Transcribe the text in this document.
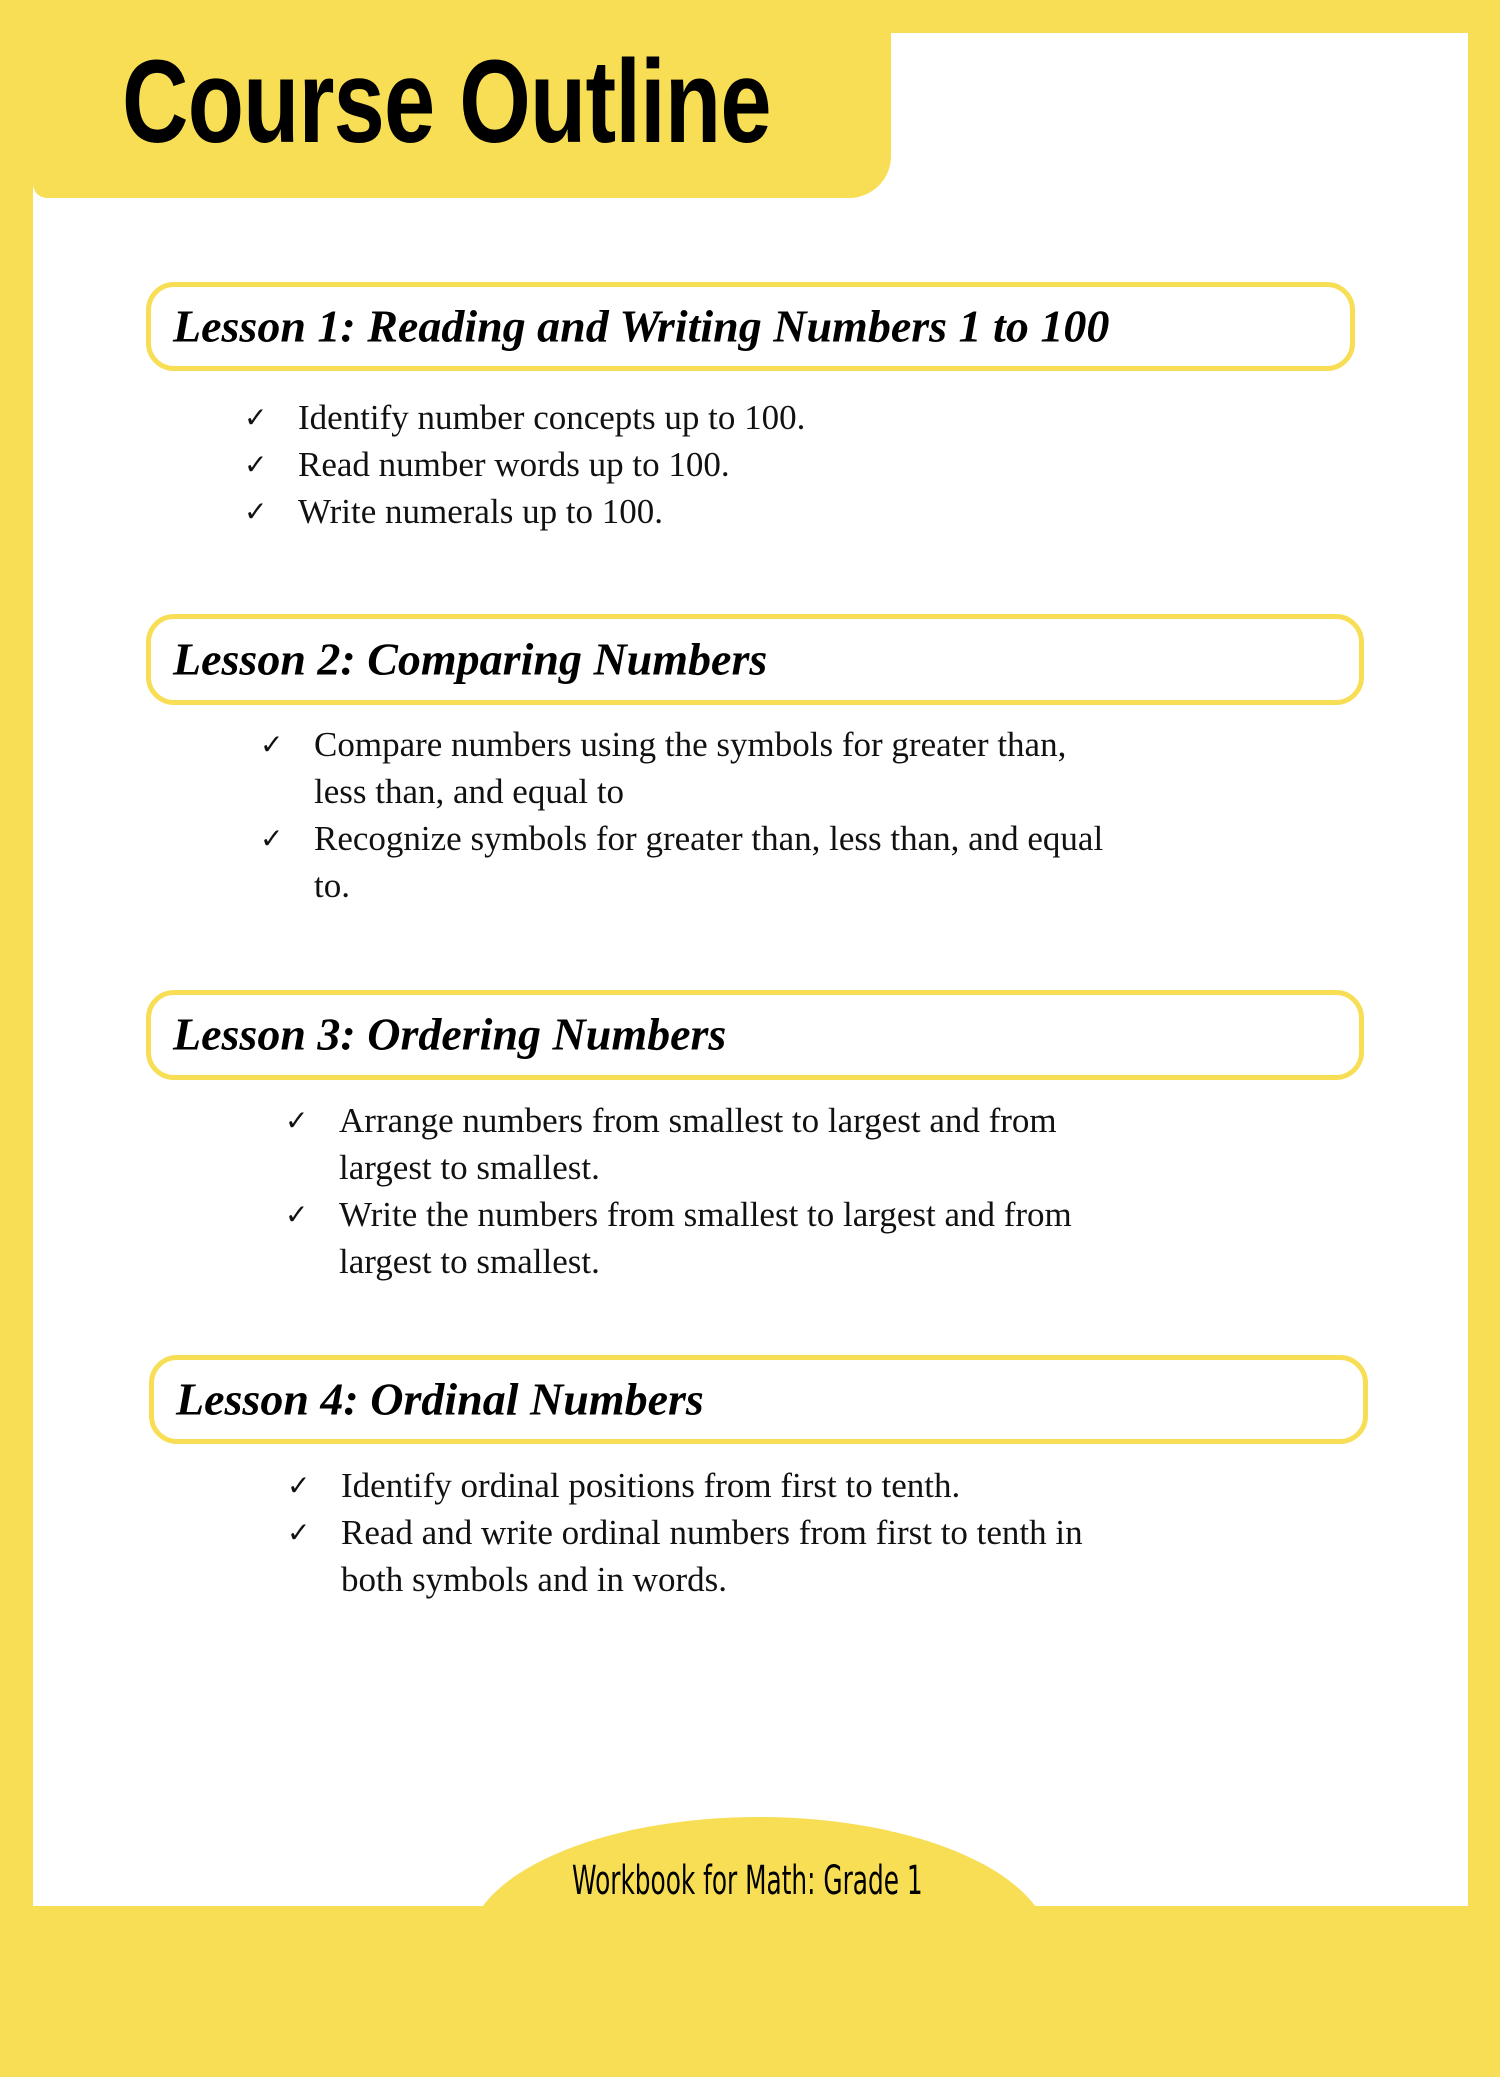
Course Outline
Lesson 1: Reading and Writing Numbers 1 to 100
✓ Identify number concepts up to 100.
✓ Read number words up to 100.
✓ Write numerals up to 100.
Lesson 2: Comparing Numbers
✓ Compare numbers using the symbols for greater than,
less than, and equal to
✓ Recognize symbols for greater than, less than, and equal
to.
Lesson 3: Ordering Numbers
✓ Arrange numbers from smallest to largest and from
largest to smallest.
✓ Write the numbers from smallest to largest and from
largest to smallest.
Lesson 4: Ordinal Numbers
✓ Identify ordinal positions from first to tenth.
✓ Read and write ordinal numbers from first to tenth in
both symbols and in words.
Workbook for Math: Grade 1
